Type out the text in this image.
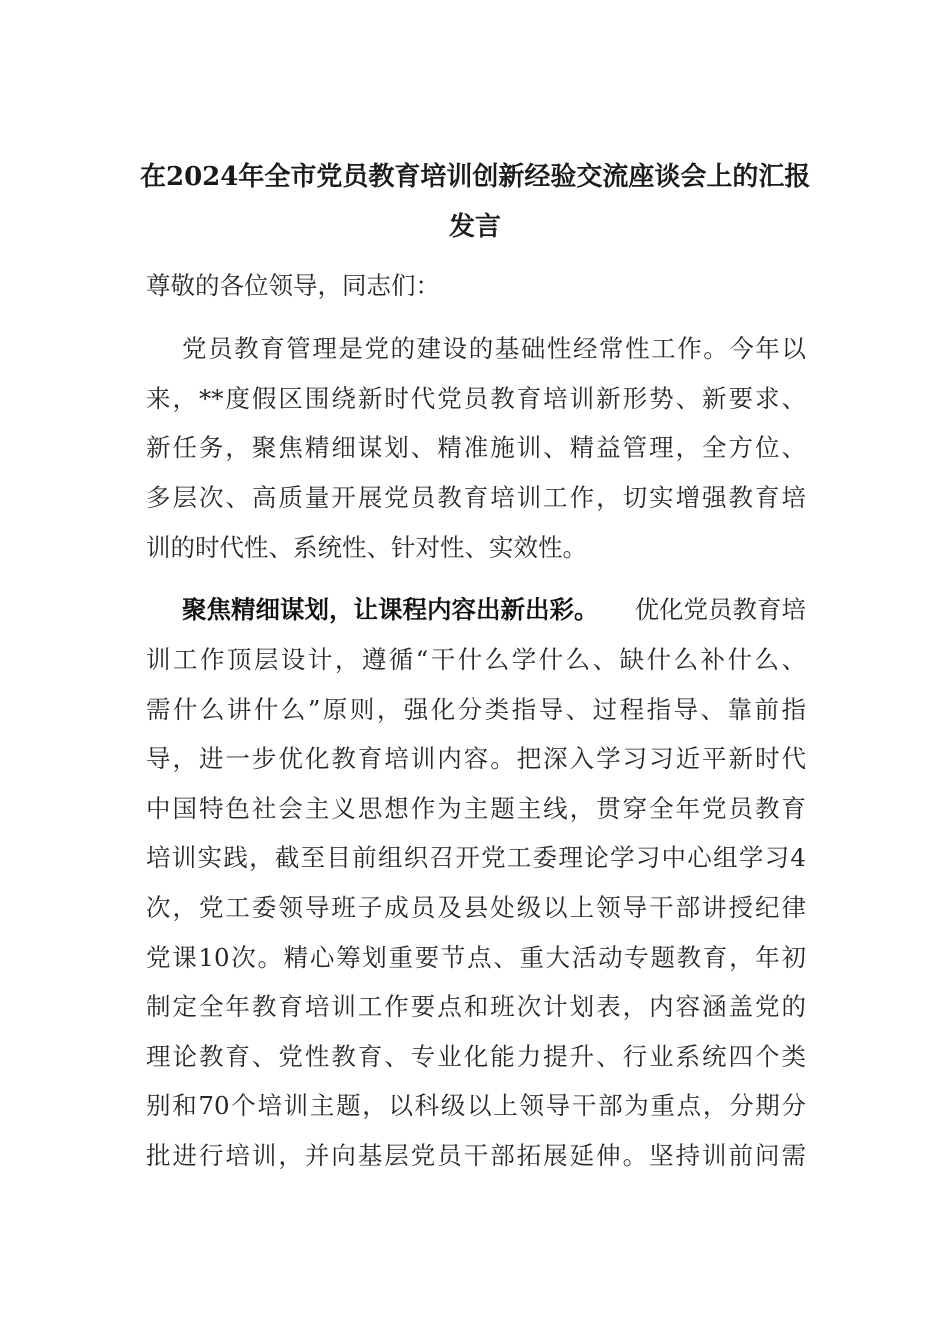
在2024年全市党员教育培训创新经验交流座谈会上的汇报
发言
尊敬的各位领导，同志们：
党员教育管理是党的建设的基础性经常性工作。今年以
来，**度假区围绕新时代党员教育培训新形势、新要求、
新任务，聚焦精细谋划、精准施训、精益管理，全方位、
多层次、高质量开展党员教育培训工作，切实增强教育培
训的时代性、系统性、针对性、实效性。
聚焦精细谋划，让课程内容出新出彩。 优化党员教育培
训工作顶层设计，遵循“干什么学什么、缺什么补什么、
需什么讲什么”原则，强化分类指导、过程指导、靠前指
导，进一步优化教育培训内容。把深入学习习近平新时代
中国特色社会主义思想作为主题主线，贯穿全年党员教育
培训实践，截至目前组织召开党工委理论学习中心组学习4
次，党工委领导班子成员及县处级以上领导干部讲授纪律
党课10次。精心筹划重要节点、重大活动专题教育，年初
制定全年教育培训工作要点和班次计划表，内容涵盖党的
理论教育、党性教育、专业化能力提升、行业系统四个类
别和70个培训主题，以科级以上领导干部为重点，分期分
批进行培训，并向基层党员干部拓展延伸。坚持训前问需
